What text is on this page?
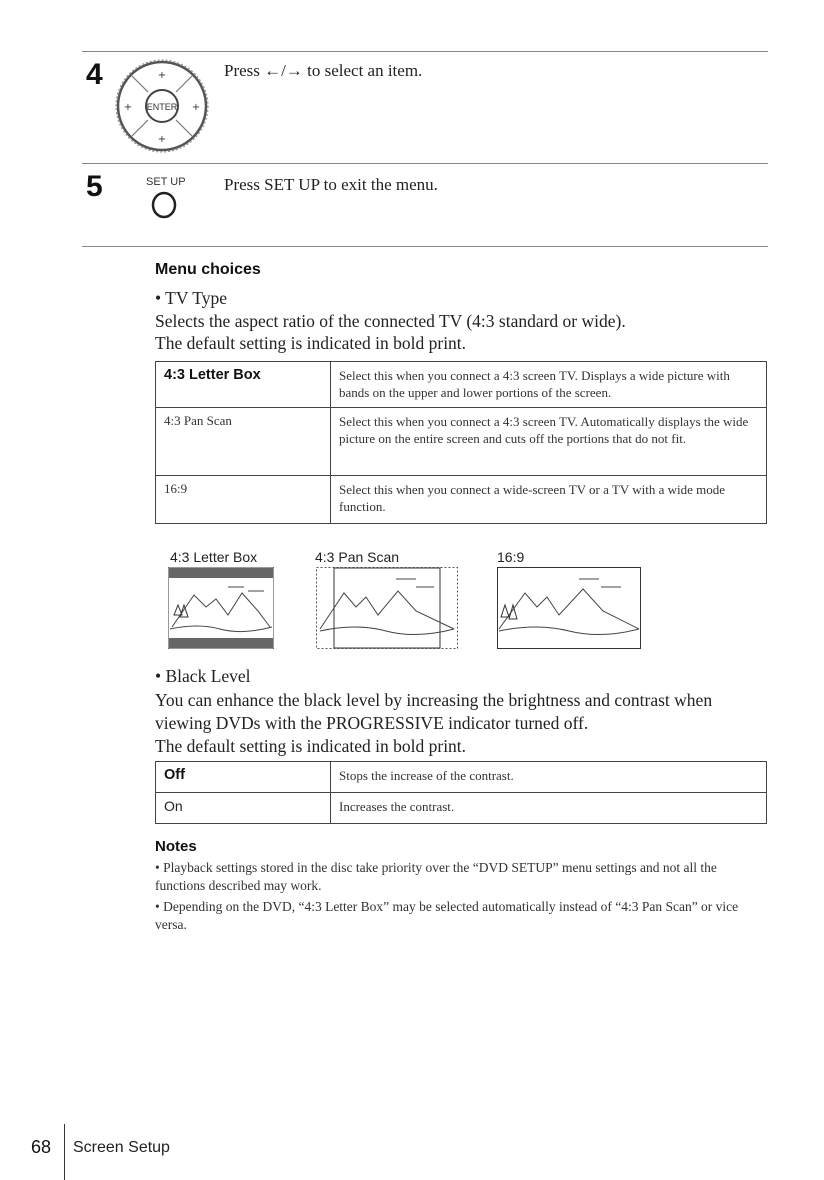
4
ENTER
+
+
+	+
Press ←/→ to select an item.
5	SET UP Press SET UP to exit the menu.
Menu choices
• TV Type
Selects the aspect ratio of the connected TV (4:3 standard or wide).
The default setting is indicated in bold print.
4:3 Letter Box	Select this when you connect a 4:3 screen TV. Displays a wide picture with bands on the upper and lower portions of the screen.
4:3 Pan Scan	Select this when you connect a 4:3 screen TV. Automatically displays the wide picture on the entire screen and cuts off the portions that do not fit.
16:9	Select this when you connect a wide-screen TV or a TV with a wide mode function.
4:3 Letter Box	4:3 Pan Scan	16:9
• Black Level
You can enhance the black level by increasing the brightness and contrast when
viewing DVDs with the PROGRESSIVE indicator turned off.
The default setting is indicated in bold print.
Off	Stops the increase of the contrast.
On	Increases the contrast.
Notes
• Playback settings stored in the disc take priority over the “DVD SETUP” menu settings and not all the functions described may work.
• Depending on the DVD, “4:3 Letter Box” may be selected automatically instead of “4:3 Pan Scan” or vice versa.
68 Screen Setup
